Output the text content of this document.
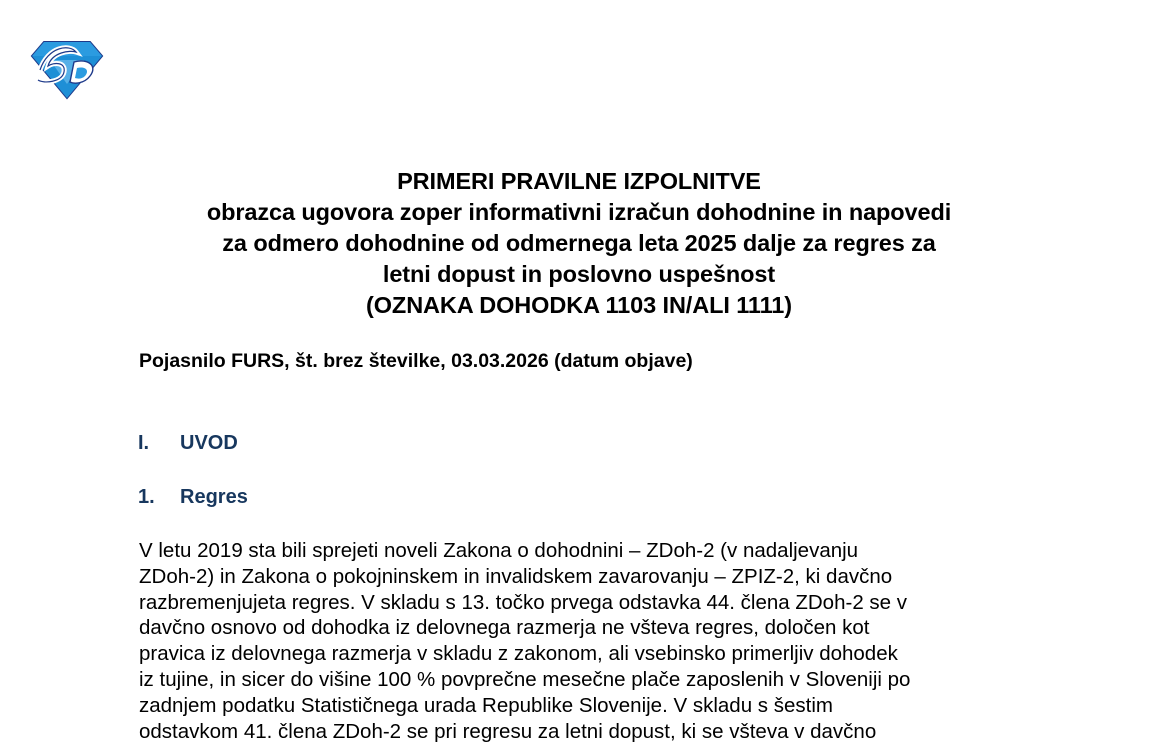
PRIMERI PRAVILNE IZPOLNITVE
obrazca ugovora zoper informativni izračun dohodnine in napovedi
za odmero dohodnine od odmernega leta 2025 dalje za regres za
letni dopust in poslovno uspešnost
(OZNAKA DOHODKA 1103 IN/ALI 1111)
Pojasnilo FURS, št. brez številke, 03.03.2026 (datum objave)
I. UVOD
1. Regres
V letu 2019 sta bili sprejeti noveli Zakona o dohodnini – ZDoh-2 (v nadaljevanju
ZDoh-2) in Zakona o pokojninskem in invalidskem zavarovanju – ZPIZ-2, ki davčno
razbremenjujeta regres. V skladu s 13. točko prvega odstavka 44. člena ZDoh-2 se v
davčno osnovo od dohodka iz delovnega razmerja ne všteva regres, določen kot
pravica iz delovnega razmerja v skladu z zakonom, ali vsebinsko primerljiv dohodek
iz tujine, in sicer do višine 100 % povprečne mesečne plače zaposlenih v Sloveniji po
zadnjem podatku Statističnega urada Republike Slovenije. V skladu s šestim
odstavkom 41. člena ZDoh-2 se pri regresu za letni dopust, ki se všteva v davčno
